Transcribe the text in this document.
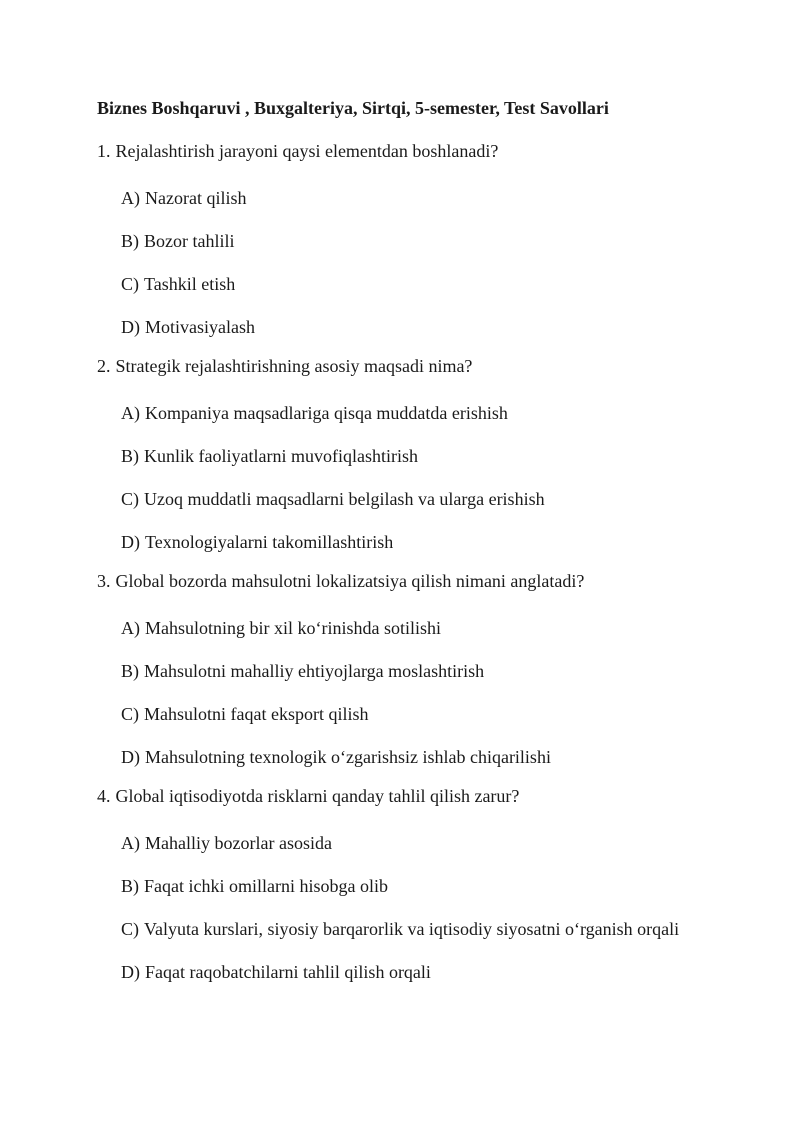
Biznes Boshqaruvi , Buxgalteriya, Sirtqi, 5-semester, Test Savollari
1. Rejalashtirish jarayoni qaysi elementdan boshlanadi?
A) Nazorat qilish
B) Bozor tahlili
C) Tashkil etish
D) Motivasiyalash
2. Strategik rejalashtirishning asosiy maqsadi nima?
A) Kompaniya maqsadlariga qisqa muddatda erishish
B) Kunlik faoliyatlarni muvofiqlashtirish
C) Uzoq muddatli maqsadlarni belgilash va ularga erishish
D) Texnologiyalarni takomillashtirish
3. Global bozorda mahsulotni lokalizatsiya qilish nimani anglatadi?
A) Mahsulotning bir xil ko‘rinishda sotilishi
B) Mahsulotni mahalliy ehtiyojlarga moslashtirish
C) Mahsulotni faqat eksport qilish
D) Mahsulotning texnologik o‘zgarishsiz ishlab chiqarilishi
4. Global iqtisodiyotda risklarni qanday tahlil qilish zarur?
A) Mahalliy bozorlar asosida
B) Faqat ichki omillarni hisobga olib
C) Valyuta kurslari, siyosiy barqarorlik va iqtisodiy siyosatni o‘rganish orqali
D) Faqat raqobatchilarni tahlil qilish orqali
